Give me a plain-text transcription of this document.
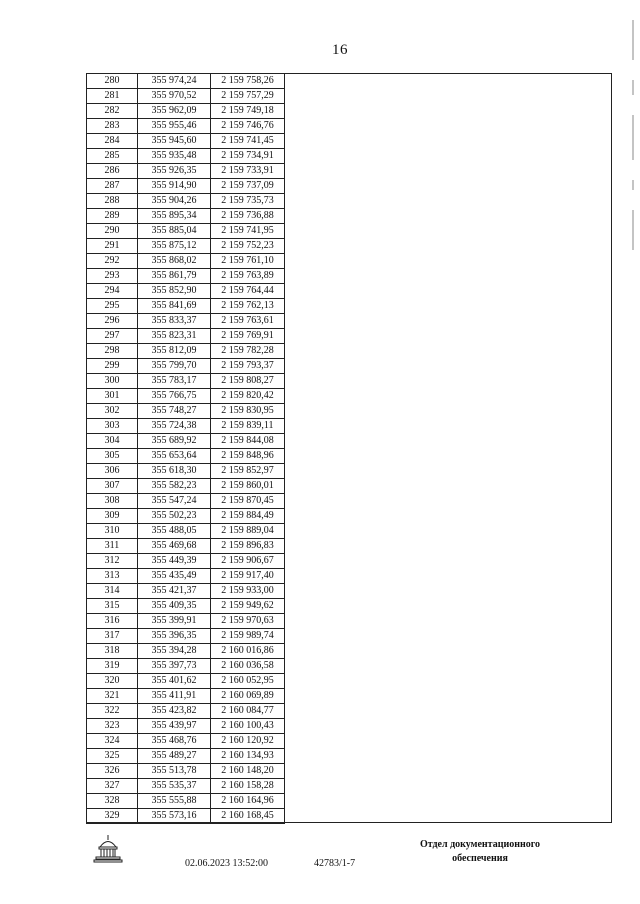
16
280	355 974,24	2 159 758,26
281	355 970,52	2 159 757,29
282	355 962,09	2 159 749,18
283	355 955,46	2 159 746,76
284	355 945,60	2 159 741,45
285	355 935,48	2 159 734,91
286	355 926,35	2 159 733,91
287	355 914,90	2 159 737,09
288	355 904,26	2 159 735,73
289	355 895,34	2 159 736,88
290	355 885,04	2 159 741,95
291	355 875,12	2 159 752,23
292	355 868,02	2 159 761,10
293	355 861,79	2 159 763,89
294	355 852,90	2 159 764,44
295	355 841,69	2 159 762,13
296	355 833,37	2 159 763,61
297	355 823,31	2 159 769,91
298	355 812,09	2 159 782,28
299	355 799,70	2 159 793,37
300	355 783,17	2 159 808,27
301	355 766,75	2 159 820,42
302	355 748,27	2 159 830,95
303	355 724,38	2 159 839,11
304	355 689,92	2 159 844,08
305	355 653,64	2 159 848,96
306	355 618,30	2 159 852,97
307	355 582,23	2 159 860,01
308	355 547,24	2 159 870,45
309	355 502,23	2 159 884,49
310	355 488,05	2 159 889,04
311	355 469,68	2 159 896,83
312	355 449,39	2 159 906,67
313	355 435,49	2 159 917,40
314	355 421,37	2 159 933,00
315	355 409,35	2 159 949,62
316	355 399,91	2 159 970,63
317	355 396,35	2 159 989,74
318	355 394,28	2 160 016,86
319	355 397,73	2 160 036,58
320	355 401,62	2 160 052,95
321	355 411,91	2 160 069,89
322	355 423,82	2 160 084,77
323	355 439,97	2 160 100,43
324	355 468,76	2 160 120,92
325	355 489,27	2 160 134,93
326	355 513,78	2 160 148,20
327	355 535,37	2 160 158,28
328	355 555,88	2 160 164,96
329	355 573,16	2 160 168,45
02.06.2023 13:52:00	42783/1-7
Отдел документационного
обеспечения
